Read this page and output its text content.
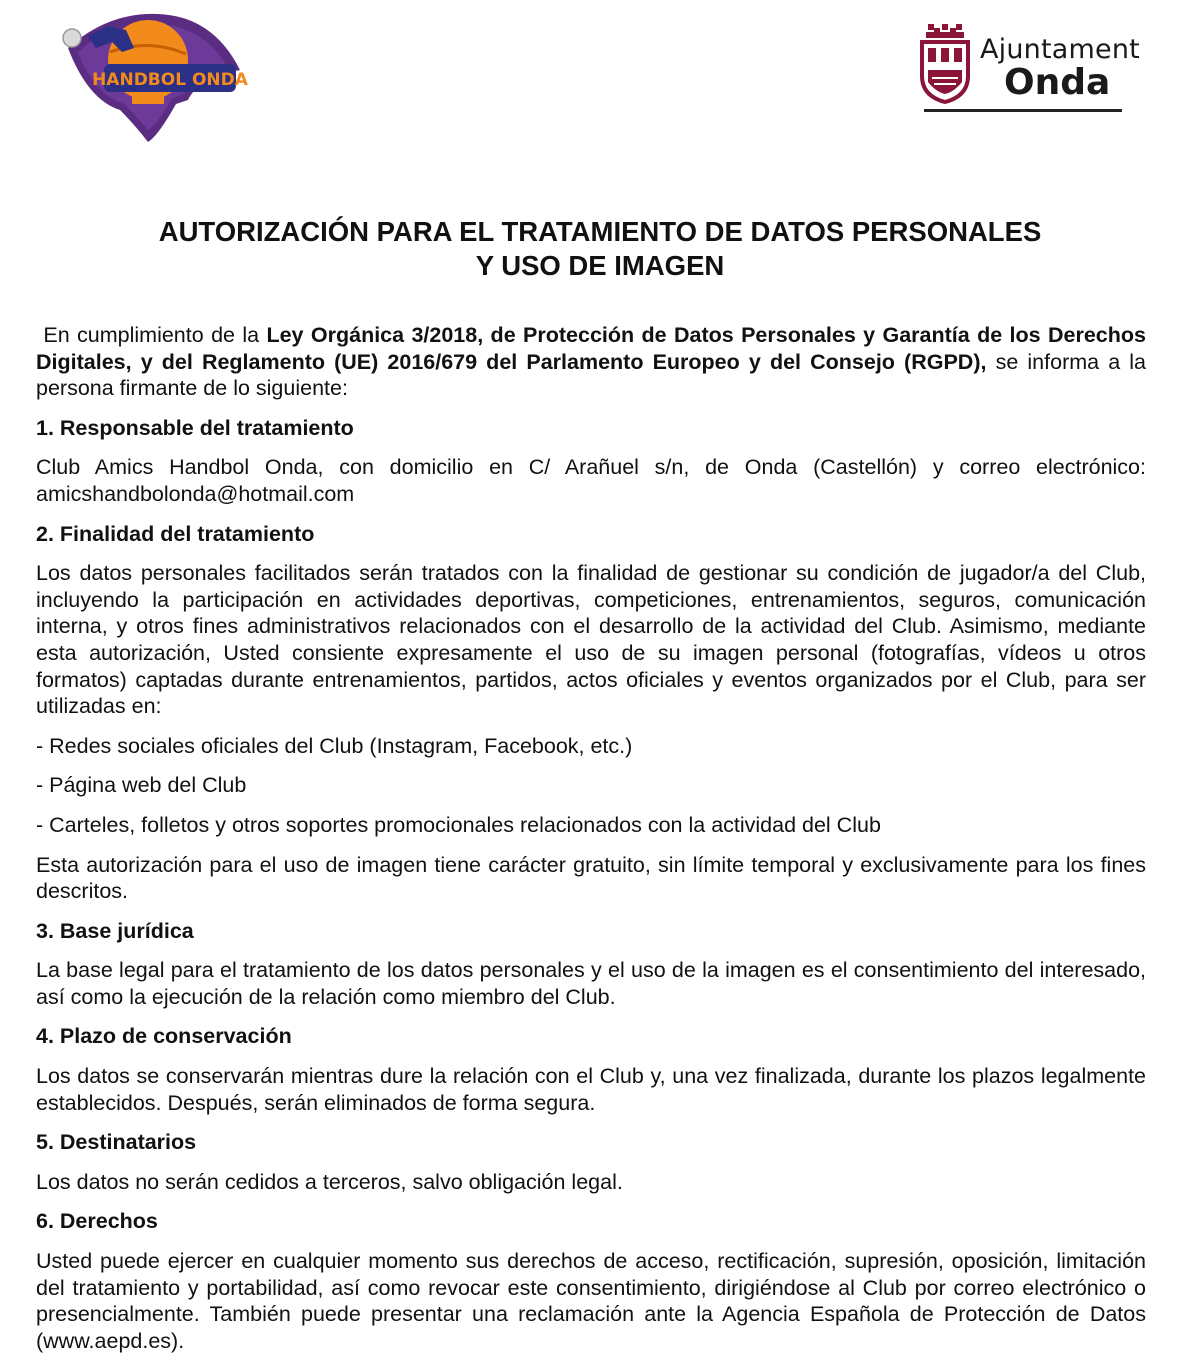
HANDBOL ONDA
Ajuntament
Onda
AUTORIZACIÓN PARA EL TRATAMIENTO DE DATOS PERSONALES
Y USO DE IMAGEN

En cumplimiento de la Ley Orgánica 3/2018, de Protección de Datos Personales y Garantía de los Derechos Digitales, y del Reglamento (UE) 2016/679 del Parlamento Europeo y del Consejo (RGPD), se informa a la persona firmante de lo siguiente:

1. Responsable del tratamiento

Club Amics Handbol Onda, con domicilio en C/ Arañuel s/n, de Onda (Castellón) y correo electrónico: amicshandbolonda@hotmail.com

2. Finalidad del tratamiento

Los datos personales facilitados serán tratados con la finalidad de gestionar su condición de jugador/a del Club, incluyendo la participación en actividades deportivas, competiciones, entrenamientos, seguros, comunicación interna, y otros fines administrativos relacionados con el desarrollo de la actividad del Club. Asimismo, mediante esta autorización, Usted consiente expresamente el uso de su imagen personal (fotografías, vídeos u otros formatos) captadas durante entrenamientos, partidos, actos oficiales y eventos organizados por el Club, para ser utilizadas en:

- Redes sociales oficiales del Club (Instagram, Facebook, etc.)

- Página web del Club

- Carteles, folletos y otros soportes promocionales relacionados con la actividad del Club

Esta autorización para el uso de imagen tiene carácter gratuito, sin límite temporal y exclusivamente para los fines descritos.

3. Base jurídica

La base legal para el tratamiento de los datos personales y el uso de la imagen es el consentimiento del interesado, así como la ejecución de la relación como miembro del Club.

4. Plazo de conservación

Los datos se conservarán mientras dure la relación con el Club y, una vez finalizada, durante los plazos legalmente establecidos. Después, serán eliminados de forma segura.

5. Destinatarios

Los datos no serán cedidos a terceros, salvo obligación legal.

6. Derechos

Usted puede ejercer en cualquier momento sus derechos de acceso, rectificación, supresión, oposición, limitación del tratamiento y portabilidad, así como revocar este consentimiento, dirigiéndose al Club por correo electrónico o presencialmente. También puede presentar una reclamación ante la Agencia Española de Protección de Datos (www.aepd.es).
